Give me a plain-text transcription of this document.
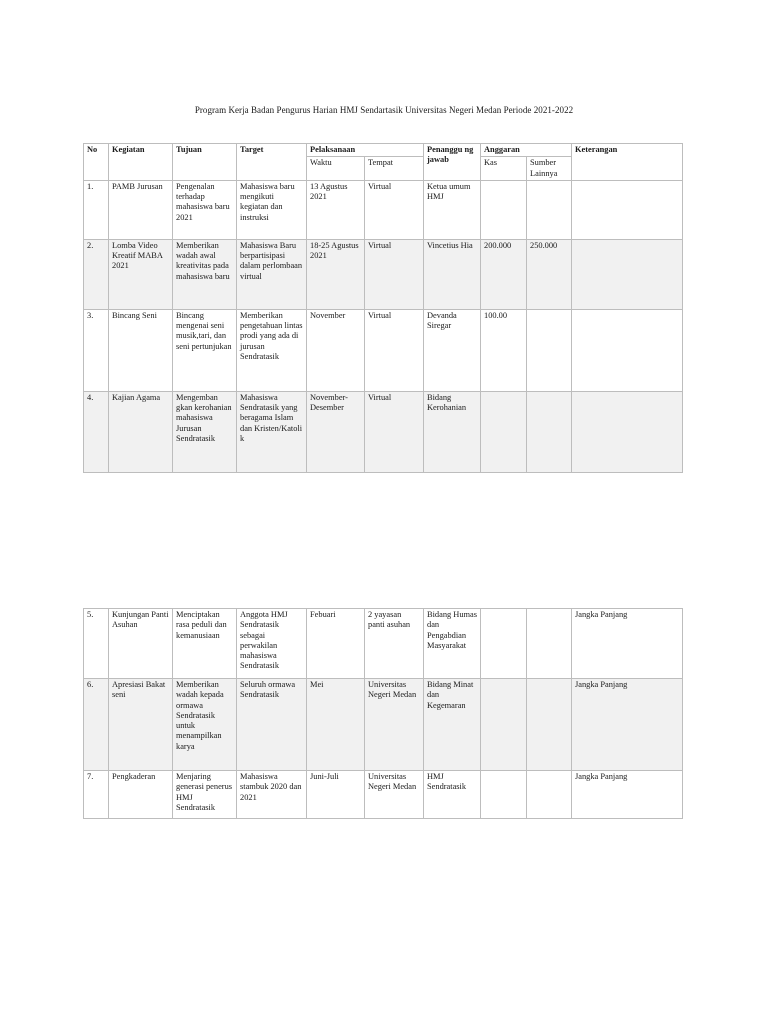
Program Kerja Badan Pengurus Harian HMJ Sendartasik Universitas Negeri Medan Periode 2021-2022
No	Kegiatan	Tujuan	Target	Pelaksanaan		Penanggu ng jawab	Anggaran		Keterangan
				Waktu	Tempat		Kas	Sumber Lainnya	
1.	PAMB Jurusan	Pengenalan terhadap mahasiswa baru 2021	Mahasiswa baru mengikuti kegiatan dan instruksi	13 Agustus 2021	Virtual	Ketua umum HMJ			
2.	Lomba Video Kreatif MABA 2021	Memberikan wadah awal kreativitas pada mahasiswa baru	Mahasiswa Baru berpartisipasi dalam perlombaan virtual	18-25 Agustus 2021	Virtual	Vincetius Hia	200.000	250.000	
3.	Bincang Seni	Bincang mengenai seni musik,tari, dan seni pertunjukan	Memberikan pengetahuan lintas prodi yang ada di jurusan Sendratasik	November	Virtual	Devanda Siregar	100.00		
4.	Kajian Agama	Mengemban gkan kerohanian mahasiswa Jurusan Sendratasik	Mahasiswa Sendratasik yang beragama Islam dan Kristen/Katoli k	November-Desember	Virtual	Bidang Kerohanian			
5.	Kunjungan Panti Asuhan	Menciptakan rasa peduli dan kemanusiaan	Anggota HMJ Sendratasik sebagai perwakilan mahasiswa Sendratasik	Febuari	2 yayasan panti asuhan	Bidang Humas dan Pengabdian Masyarakat			Jangka Panjang
6.	Apresiasi Bakat seni	Memberikan wadah kepada ormawa Sendratasik untuk menampilkan karya	Seluruh ormawa Sendratasik	Mei	Universitas Negeri Medan	Bidang Minat dan Kegemaran			Jangka Panjang
7.	Pengkaderan	Menjaring generasi penerus HMJ Sendratasik	Mahasiswa stambuk 2020 dan 2021	Juni-Juli	Universitas Negeri Medan	HMJ Sendratasik			Jangka Panjang
